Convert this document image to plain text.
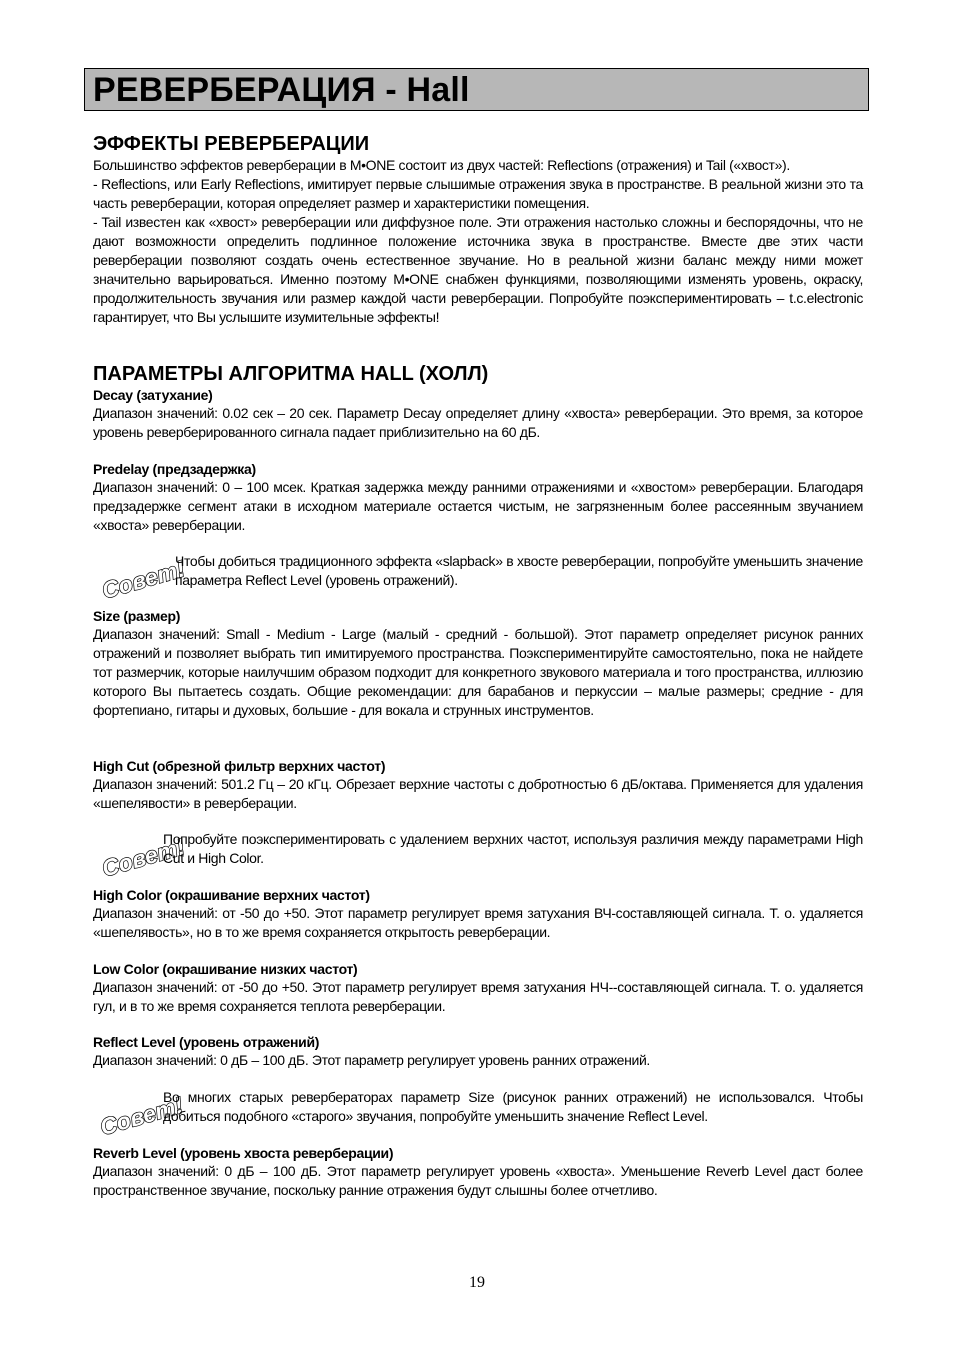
РЕВЕРБЕРАЦИЯ - Hall
ЭФФЕКТЫ РЕВЕРБЕРАЦИИ

Большинство эффектов реверберации в M•ONE состоит из двух частей: Reflections (отражения) и Tail («хвост»).

- Reflections, или Early Reflections, имитирует первые слышимые отражения звука в пространстве. В реальной жизни это та часть реверберации, которая определяет размер и характеристики помещения.

- Tail известен как «хвост» реверберации или диффузное поле. Эти отражения настолько сложны и беспорядочны, что не дают возможности определить подлинное положение источника звука в пространстве. Вместе две этих части реверберации позволяют создать очень естественное звучание. Но в реальной жизни баланс между ними может значительно варьироваться. Именно поэтому M•ONE снабжен функциями, позволяющими изменять уровень, окраску, продолжительность звучания или размер каждой части реверберации. Попробуйте поэкспериментировать – t.c.electronic гарантирует, что Вы услышите изумительные эффекты!

ПАРАМЕТРЫ АЛГОРИТМА HALL (ХОЛЛ)
Decay (затухание)

Диапазон значений: 0.02 сек – 20 сек. Параметр Decay определяет длину «хвоста» реверберации. Это время, за которое уровень реверберированного сигнала падает приблизительно на 60 дБ.

Predelay (предзадержка)

Диапазон значений: 0 – 100 мсек. Краткая задержка между ранними отражениями и «хвостом» реверберации. Благодаря предзадержке сегмент атаки в исходном материале остается чистым, не загрязненным более рассеянным звучанием «хвоста» реверберации.

Совет!

Чтобы добиться традиционного эффекта «slapback» в хвосте реверберации, попробуйте уменьшить значение параметра Reflect Level (уровень отражений).

Size (размер)

Диапазон значений: Small - Medium - Large (малый - средний - большой). Этот параметр определяет рисунок ранних отражений и позволяет выбрать тип имитируемого пространства. Поэкспериментируйте самостоятельно, пока не найдете тот размерчик, которые наилучшим образом подходит для конкретного звукового материала и того пространства, иллюзию которого Вы пытаетесь создать. Общие рекомендации: для барабанов и перкуссии – малые размеры; средние - для фортепиано, гитары и духовых, большие - для вокала и струнных инструментов.

High Cut (обрезной фильтр верхних частот)

Диапазон значений: 501.2 Гц – 20 кГц. Обрезает верхние частоты с добротностью 6 дБ/октава. Применяется для удаления «шепелявости» в реверберации.

Совет!

Попробуйте поэкспериментировать с удалением верхних частот, используя различия между параметрами High Cut и High Color.

High Color (окрашивание верхних частот)

Диапазон значений: от -50 до +50. Этот параметр регулирует время затухания ВЧ-составляющей сигнала. Т. о. удаляется «шепелявость», но в то же время сохраняется открытость реверберации.

Low Color (окрашивание низких частот)

Диапазон значений: от -50 до +50. Этот параметр регулирует время затухания НЧ--составляющей сигнала. Т. о. удаляется гул, и в то же время сохраняется теплота реверберации.

Reflect Level (уровень отражений)

Диапазон значений: 0 дБ – 100 дБ. Этот параметр регулирует уровень ранних отражений.

Совет!

Во многих старых ревербераторах параметр Size (рисунок ранних отражений) не использовался. Чтобы добиться подобного «старого» звучания, попробуйте уменьшить значение Reflect Level.

Reverb Level (уровень хвоста реверберации)

Диапазон значений: 0 дБ – 100 дБ. Этот параметр регулирует уровень «хвоста». Уменьшение Reverb Level даст более пространственное звучание, поскольку ранние отражения будут слышны более отчетливо.

19
